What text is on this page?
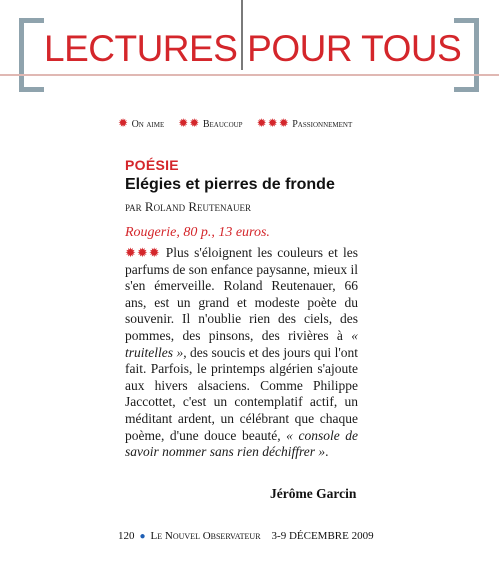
LECTURES POUR TOUS
✹ On aime ✹✹ Beaucoup ✹✹✹ Passionnement
POÉSIE
Elégies et pierres de fronde
par Roland Reutenauer
Rougerie, 80 p., 13 euros.
✹✹✹ Plus s'éloignent les couleurs et les parfums de son enfance paysanne, mieux il s'en émerveille. Roland Reutenauer, 66 ans, est un grand et modeste poète du souvenir. Il n'oublie rien des ciels, des pommes, des pinsons, des rivières à « truitelles », des soucis et des jours qui l'ont fait. Parfois, le printemps algérien s'ajoute aux hivers alsaciens. Comme Philippe Jaccottet, c'est un contemplatif actif, un méditant ardent, un célébrant que chaque poème, d'une douce beauté, « console de savoir nommer sans rien déchiffrer ».
Jérôme Garcin
120 ● Le Nouvel Observateur 3-9 DÉCEMBRE 2009
